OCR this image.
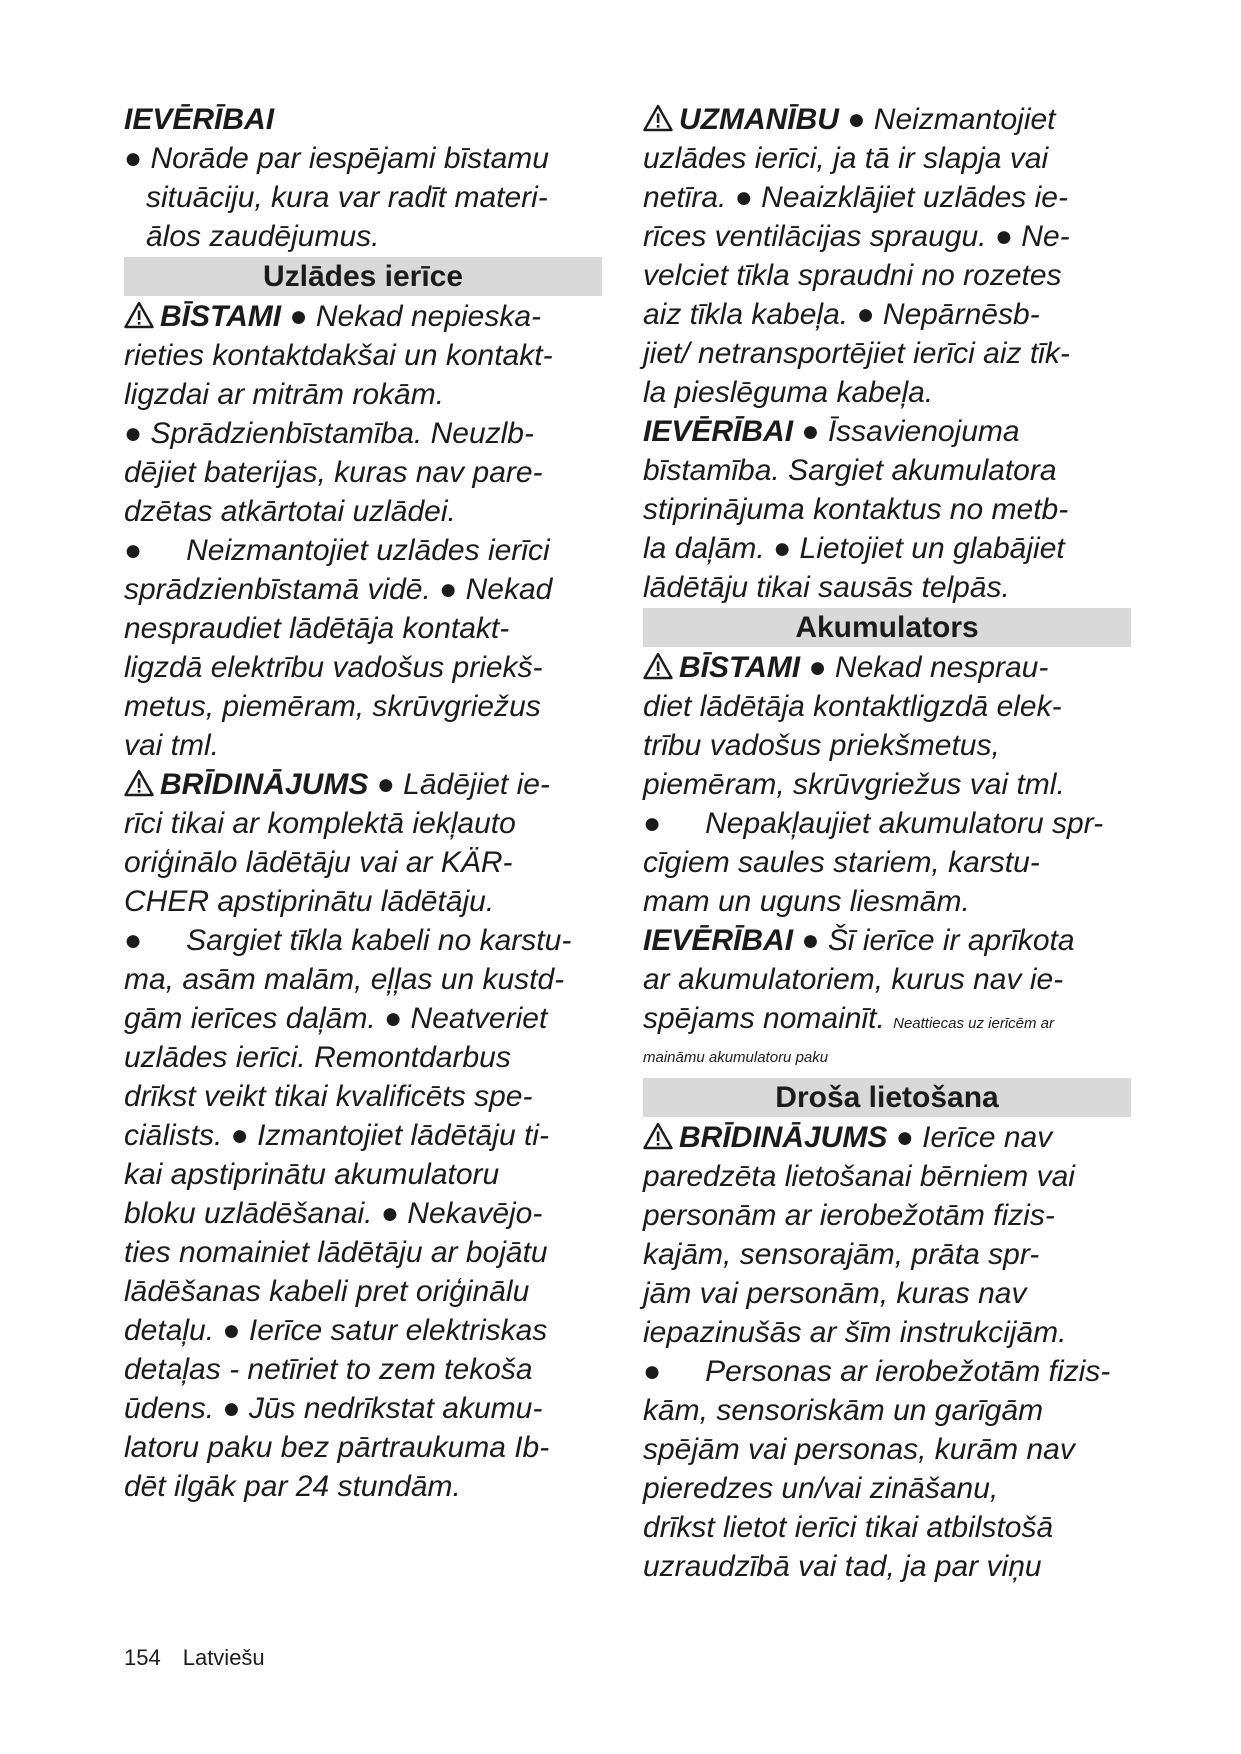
IEVĒRĪBAI
● Norāde par iespējami bīstamu
situāciju, kura var radīt materi-
ālos zaudējumus.
Uzlādes ierīce
BĪSTAMI ● Nekad nepieska-
rieties kontaktdakšai un kontakt-
ligzdai ar mitrām rokām.
● Sprādzienbīstamība. Neuzlb-
dējiet baterijas, kuras nav pare-
dzētas atkārtotai uzlādei.
● Neizmantojiet uzlādes ierīci
sprādzienbīstamā vidē. ● Nekad
nespraudiet lādētāja kontakt-
ligzdā elektrību vadošus priekš-
metus, piemēram, skrūvgriežus
vai tml.
BRĪDINĀJUMS ● Lādējiet ie-
rīci tikai ar komplektā iekļauto
oriģinālo lādētāju vai ar KÄR-
CHER apstiprinātu lādētāju.
● Sargiet tīkla kabeli no karstu-
ma, asām malām, eļļas un kustd-
gām ierīces daļām. ● Neatveriet
uzlādes ierīci. Remontdarbus
drīkst veikt tikai kvalificēts spe-
ciālists. ● Izmantojiet lādētāju ti-
kai apstiprinātu akumulatoru
bloku uzlādēšanai. ● Nekavējo-
ties nomainiet lādētāju ar bojātu
lādēšanas kabeli pret oriģinālu
detaļu. ● Ierīce satur elektriskas
detaļas - netīriet to zem tekoša
ūdens. ● Jūs nedrīkstat akumu-
latoru paku bez pārtraukuma Ib-
dēt ilgāk par 24 stundām.
UZMANĪBU ● Neizmantojiet
uzlādes ierīci, ja tā ir slapja vai
netīra. ● Neaizklājiet uzlādes ie-
rīces ventilācijas spraugu. ● Ne-
velciet tīkla spraudni no rozetes
aiz tīkla kabeļa. ● Nepārnēsb-
jiet/ netransportējiet ierīci aiz tīk-
la pieslēguma kabeļa.
IEVĒRĪBAI ● Īssavienojuma
bīstamība. Sargiet akumulatora
stiprinājuma kontaktus no metb-
la daļām. ● Lietojiet un glabājiet
lādētāju tikai sausās telpās.
Akumulators
BĪSTAMI ● Nekad nesprau-
diet lādētāja kontaktligzdā elek-
trību vadošus priekšmetus,
piemēram, skrūvgriežus vai tml.
● Nepakļaujiet akumulatoru spr-
cīgiem saules stariem, karstu-
mam un uguns liesmām.
IEVĒRĪBAI ● Šī ierīce ir aprīkota
ar akumulatoriem, kurus nav ie-
spējams nomainīt. Neattiecas uz ierīcēm ar
maināmu akumulatoru paku
Droša lietošana
BRĪDINĀJUMS ● Ierīce nav
paredzēta lietošanai bērniem vai
personām ar ierobežotām fizis-
kajām, sensorajām, prāta spr-
jām vai personām, kuras nav
iepazinušās ar šīm instrukcijām.
● Personas ar ierobežotām fizis-
kām, sensoriskām un garīgām
spējām vai personas, kurām nav
pieredzes un/vai zināšanu,
drīkst lietot ierīci tikai atbilstošā
uzraudzībā vai tad, ja par viņu
154 Latviešu
